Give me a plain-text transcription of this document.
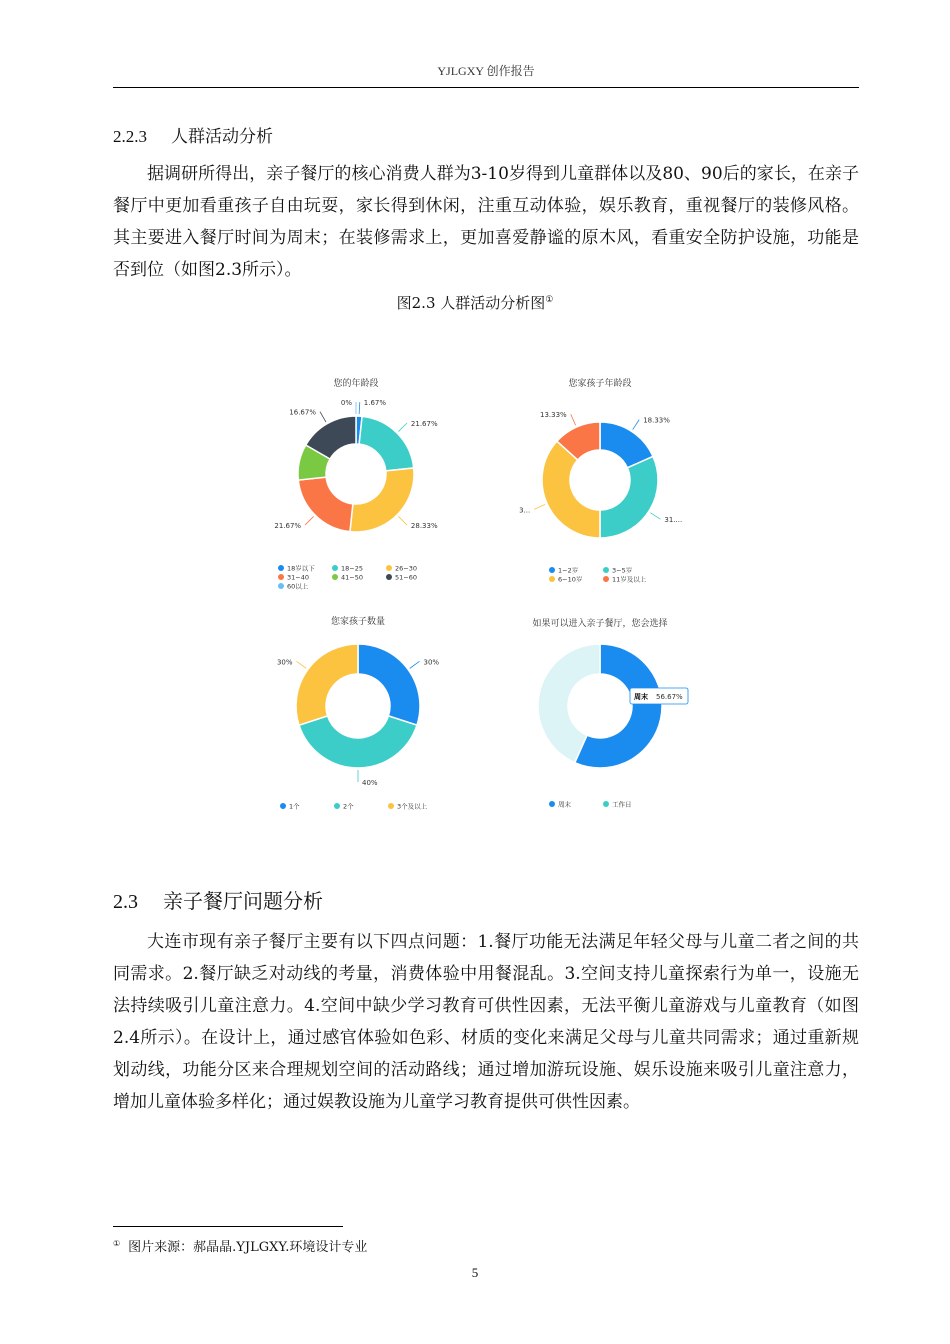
YJLGXY 创作报告
2.2.3 人群活动分析

据调研所得出，亲子餐厅的核心消费人群为3-10岁得到儿童群体以及80、90后的家长，在亲子餐厅中更加看重孩子自由玩耍，家长得到休闲，注重互动体验，娱乐教育，重视餐厅的装修风格。其主要进入餐厅时间为周末；在装修需求上，更加喜爱静谧的原木风，看重安全防护设施，功能是否到位（如图2.3所示）。

图2.3 人群活动分析图①
您的年龄段
1.67%
21.67%
28.33%
21.67%
16.67%
0%
18岁以下	18~25	26~30
31~40	41~50	51~60
60以上
您家孩子年龄段
18.33%
31....
3...
13.33%
1~2岁	3~5岁
6~10岁	11岁及以上
您家孩子数量
30%
40%
30%
1个	2个	3个及以上
如果可以进入亲子餐厅，您会选择
周末 56.67%
周末	工作日
2.3 亲子餐厅问题分析

大连市现有亲子餐厅主要有以下四点问题：1.餐厅功能无法满足年轻父母与儿童二者之间的共同需求。2.餐厅缺乏对动线的考量，消费体验中用餐混乱。3.空间支持儿童探索行为单一，设施无法持续吸引儿童注意力。4.空间中缺少学习教育可供性因素，无法平衡儿童游戏与儿童教育（如图2.4所示）。在设计上，通过感官体验如色彩、材质的变化来满足父母与儿童共同需求；通过重新规划动线，功能分区来合理规划空间的活动路线；通过增加游玩设施、娱乐设施来吸引儿童注意力，增加儿童体验多样化；通过娱教设施为儿童学习教育提供可供性因素。

① 图片来源：郝晶晶.YJLGXY.环境设计专业
5
